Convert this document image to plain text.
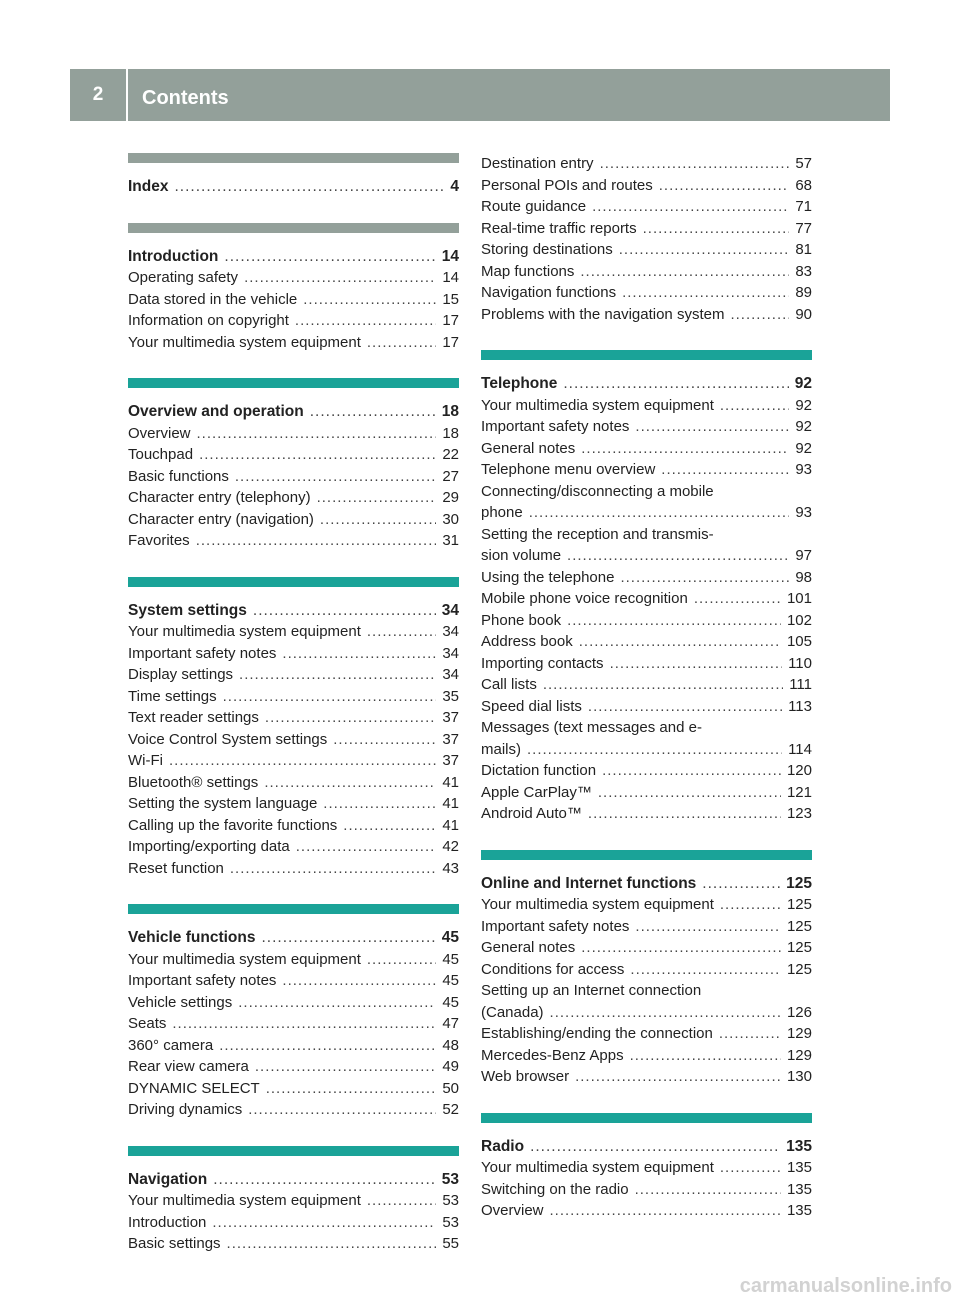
2	Contents
Index .....	4
Introduction .....	14
Operating safety .....	14
Data stored in the vehicle .....	15
Information on copyright .....	17
Your multimedia system equipment .....	17
Overview and operation .....	18
Overview .....	18
Touchpad .....	22
Basic functions .....	27
Character entry (telephony) .....	29
Character entry (navigation) .....	30
Favorites .....	31
System settings .....	34
Your multimedia system equipment .....	34
Important safety notes .....	34
Display settings .....	34
Time settings .....	35
Text reader settings .....	37
Voice Control System settings .....	37
Wi-Fi .....	37
Bluetooth® settings .....	41
Setting the system language .....	41
Calling up the favorite functions .....	41
Importing/exporting data .....	42
Reset function .....	43
Vehicle functions .....	45
Your multimedia system equipment .....	45
Important safety notes .....	45
Vehicle settings .....	45
Seats .....	47
360° camera .....	48
Rear view camera .....	49
DYNAMIC SELECT .....	50
Driving dynamics .....	52
Navigation .....	53
Your multimedia system equipment .....	53
Introduction .....	53
Basic settings .....	55
Destination entry .....	57
Personal POIs and routes .....	68
Route guidance .....	71
Real-time traffic reports .....	77
Storing destinations .....	81
Map functions .....	83
Navigation functions .....	89
Problems with the navigation system .....	90
Telephone .....	92
Your multimedia system equipment .....	92
Important safety notes .....	92
General notes .....	92
Telephone menu overview .....	93
Connecting/disconnecting a mobile
phone .....	93
Setting the reception and transmis-
sion volume .....	97
Using the telephone .....	98
Mobile phone voice recognition .....	101
Phone book .....	102
Address book .....	105
Importing contacts .....	110
Call lists .....	111
Speed dial lists .....	113
Messages (text messages and e-
mails) .....	114
Dictation function .....	120
Apple CarPlay™ .....	121
Android Auto™ .....	123
Online and Internet functions .....	125
Your multimedia system equipment .....	125
Important safety notes .....	125
General notes .....	125
Conditions for access .....	125
Setting up an Internet connection
(Canada) .....	126
Establishing/ending the connection .....	129
Mercedes-Benz Apps .....	129
Web browser .....	130
Radio .....	135
Your multimedia system equipment .....	135
Switching on the radio .....	135
Overview .....	135
carmanualsonline.info
